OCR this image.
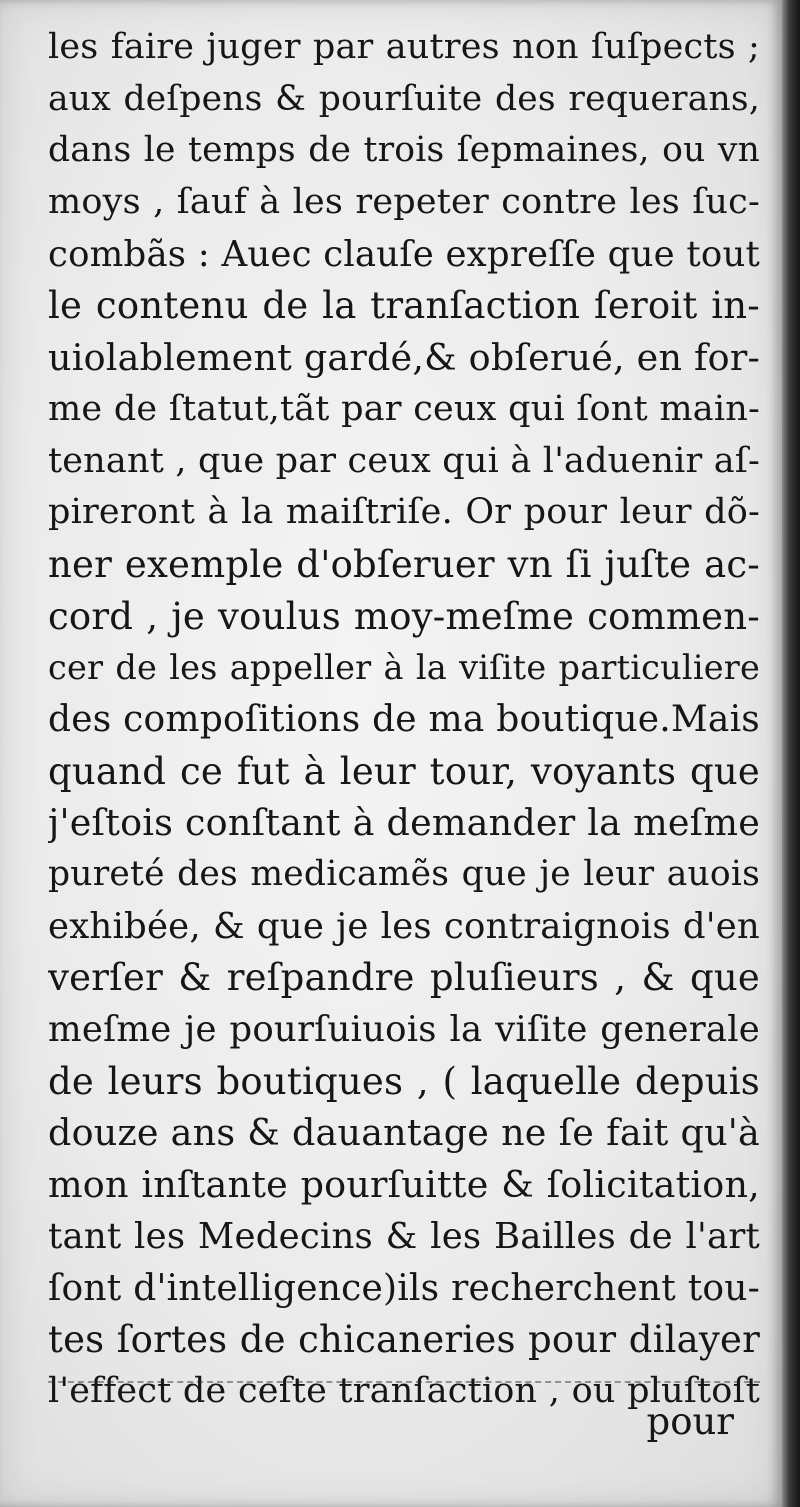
les faire juger par autres non ſuſpects ;
aux deſpens & pourſuite des requerans,
dans le temps de trois ſepmaines, ou vn
moys , ſauf à les repeter contre les ſuc-
combãs : Auec clauſe expreſſe que tout
le contenu de la tranſaction ſeroit in-
uiolablement gardé,& obſerué, en for-
me de ſtatut,tãt par ceux qui ſont main-
tenant , que par ceux qui à l'aduenir aſ-
pireront à la maiſtriſe. Or pour leur dõ-
ner exemple d'obſeruer vn ſi juſte ac-
cord , je voulus moy-meſme commen-
cer de les appeller à la viſite particuliere
des compoſitions de ma boutique.Mais
quand ce fut à leur tour, voyants que
j'eſtois conſtant à demander la meſme
pureté des medicamẽs que je leur auois
exhibée, & que je les contraignois d'en
verſer & reſpandre pluſieurs , & que
meſme je pourſuiuois la viſite generale
de leurs boutiques , ( laquelle depuis
douze ans & dauantage ne ſe fait qu'à
mon inſtante pourſuitte & ſolicitation,
tant les Medecins & les Bailles de l'art
ſont d'intelligence)ils recherchent tou-
tes ſortes de chicaneries pour dilayer
l'effect de ceſte tranſaction , ou pluſtoſt
pour
